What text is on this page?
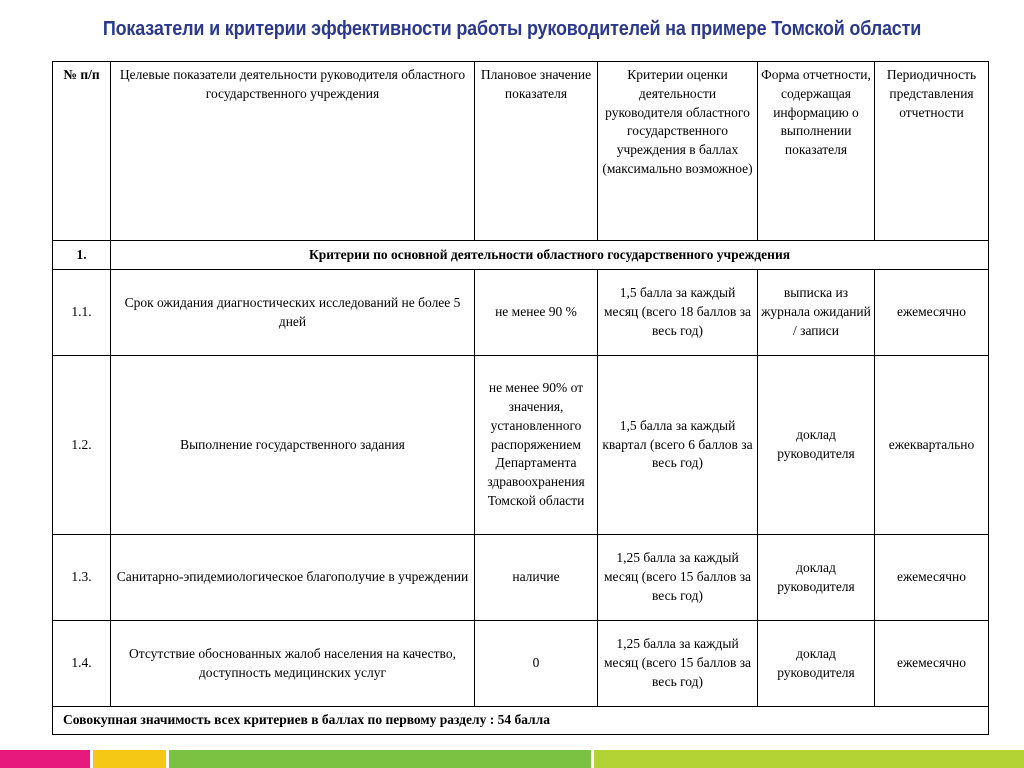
Показатели и критерии эффективности работы руководителей на примере Томской области
№ п/п	Целевые показатели деятельности руководителя областного государственного учреждения	Плановое значение показателя	Критерии оценки деятельности руководителя областного государственного учреждения в баллах (максимально возможное)	Форма отчетности, содержащая информацию о выполнении показателя	Периодичность представления отчетности
1.	Критерии по основной деятельности областного государственного учреждения				
1.1.	Срок ожидания диагностических исследований не более 5 дней	не менее 90 %	1,5 балла за каждый месяц (всего 18 баллов за весь год)	выписка из журнала ожиданий / записи	ежемесячно
1.2.	Выполнение государственного задания	не менее 90% от значения, установленного распоряжением Департамента здравоохранения Томской области	1,5 балла за каждый квартал (всего 6 баллов за весь год)	доклад руководителя	ежеквартально
1.3.	Санитарно-эпидемиологическое благополучие в учреждении	наличие	1,25 балла за каждый месяц (всего 15 баллов за весь год)	доклад руководителя	ежемесячно
1.4.	Отсутствие обоснованных жалоб населения на качество, доступность медицинских услуг	0	1,25 балла за каждый месяц (всего 15 баллов за весь год)	доклад руководителя	ежемесячно
Совокупная значимость всех критериев в баллах по первому разделу : 54 балла					
